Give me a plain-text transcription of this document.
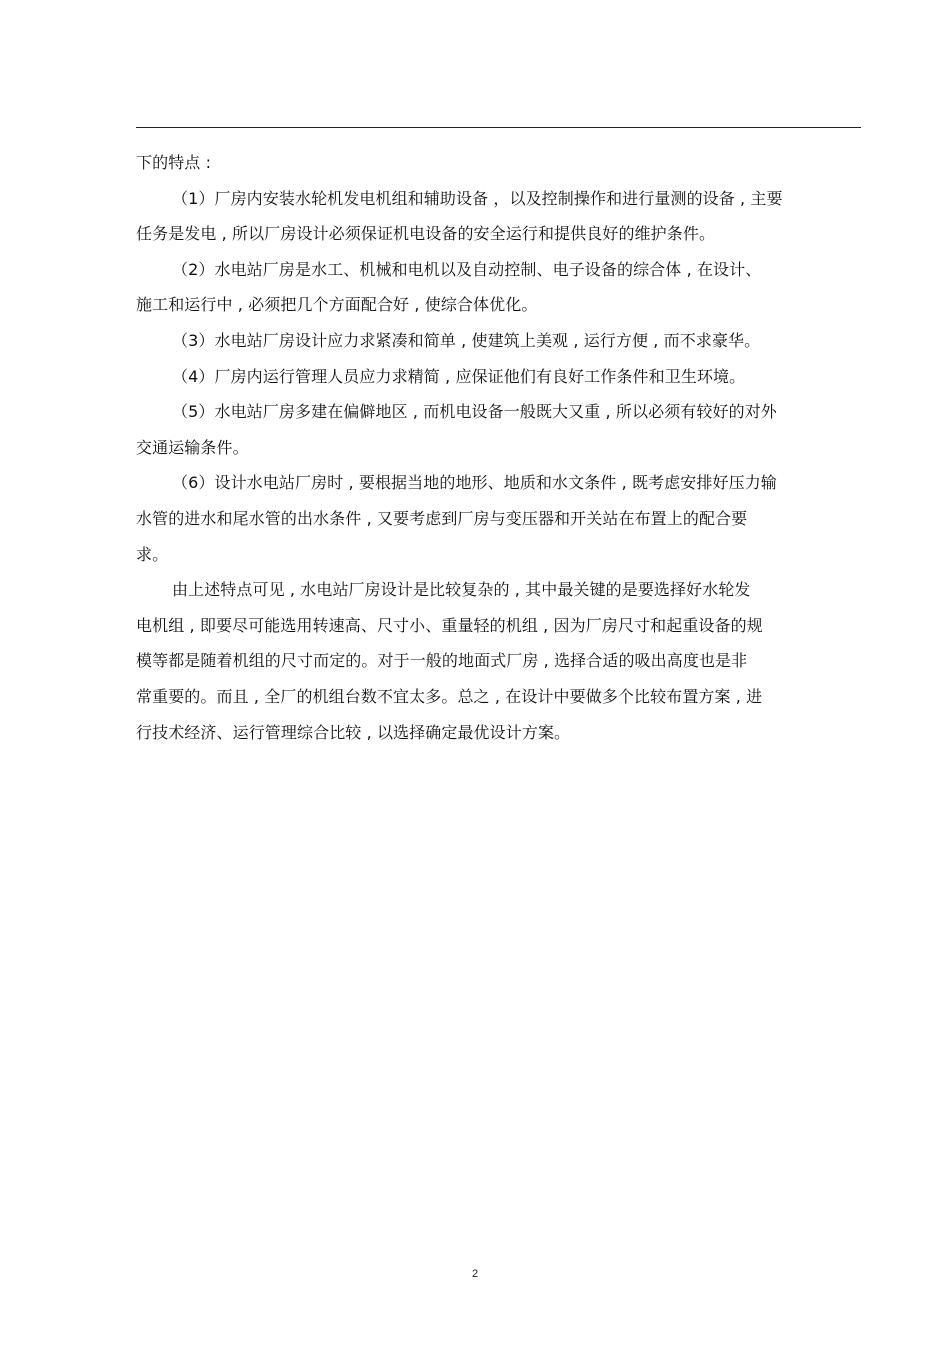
下的特点 :
（1）厂房内安装水轮机发电机组和辅助设备 ，以及控制操作和进行量测的设备 , 主要
任务是发电 , 所以厂房设计必须保证机电设备的安全运行和提供良好的维护条件。
（2）水电站厂房是水工、机械和电机以及自动控制、电子设备的综合体 , 在设计、
施工和运行中 , 必须把几个方面配合好 , 使综合体优化。
（3）水电站厂房设计应力求紧凑和简单 , 使建筑上美观 , 运行方便 , 而不求豪华。
（4）厂房内运行管理人员应力求精简 , 应保证他们有良好工作条件和卫生环境。
（5）水电站厂房多建在偏僻地区 , 而机电设备一般既大又重 , 所以必须有较好的对外
交通运输条件。
（6）设计水电站厂房时 , 要根据当地的地形、地质和水文条件 , 既考虑安排好压力输
水管的进水和尾水管的出水条件 , 又要考虑到厂房与变压器和开关站在布置上的配合要
求。
由上述特点可见 , 水电站厂房设计是比较复杂的 , 其中最关键的是要选择好水轮发
电机组 , 即要尽可能选用转速高、尺寸小、重量轻的机组 , 因为厂房尺寸和起重设备的规
模等都是随着机组的尺寸而定的。对于一般的地面式厂房 , 选择合适的吸出高度也是非
常重要的。而且 , 全厂的机组台数不宜太多。总之 , 在设计中要做多个比较布置方案 , 进
行技术经济、运行管理综合比较 , 以选择确定最优设计方案。
2
